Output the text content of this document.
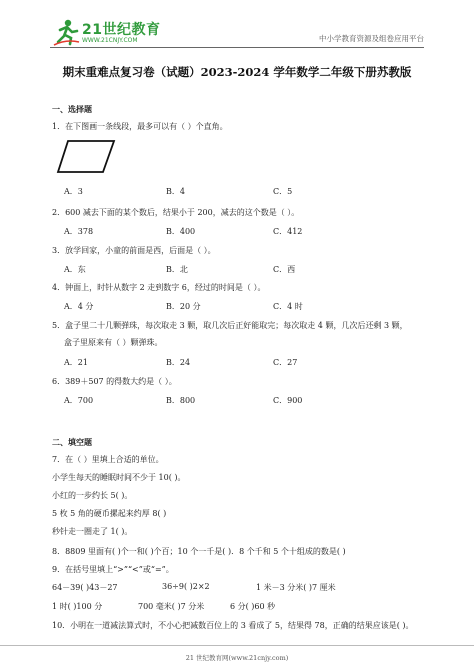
21世纪教育
WWW.21CNJY.COM	中小学教育资源及组卷应用平台
期末重难点复习卷（试题）2023-2024 学年数学二年级下册苏教版
一、选择题
1．在下图画一条线段，最多可以有（ ）个直角。
A．3	B．4	C．5
2．600 减去下面的某个数后，结果小于 200，减去的这个数是（ ）。
A．378	B．400	C．412
3．放学回家，小童的前面是西，后面是（ ）。
A．东	B．北	C．西
4．钟面上，时针从数字 2 走到数字 6，经过的时间是（ ）。
A．4 分	B．20 分	C．4 时
5．盒子里二十几颗弹珠，每次取走 3 颗，取几次后正好能取完；每次取走 4 颗，几次后还剩 3 颗，
盒子里原来有（ ）颗弹珠。
A．21	B．24	C．27
6．389＋507 的得数大约是（ ）。
A．700	B．800	C．900
二、填空题
7．在（ ）里填上合适的单位。
小学生每天的睡眠时间不少于 10( )。
小红的一步约长 5( )。
5 枚 5 角的硬币摞起来约厚 8( )
秒针走一圈走了 1( )。
8．8809 里面有( )个一和( )个百；10 个一千是( )．8 个千和 5 个十组成的数是( )
9．在括号里填上“>”“<”或“=”。
64－39( )43－27	36÷9( )2×2	1 米－3 分米( )7 厘米
1 时( )100 分	700 毫米( )7 分米	6 分( )60 秒
10．小明在一道减法算式时，不小心把减数百位上的 3 看成了 5，结果得 78，正确的结果应该是( )。
21 世纪教育网(www.21cnjy.com)
